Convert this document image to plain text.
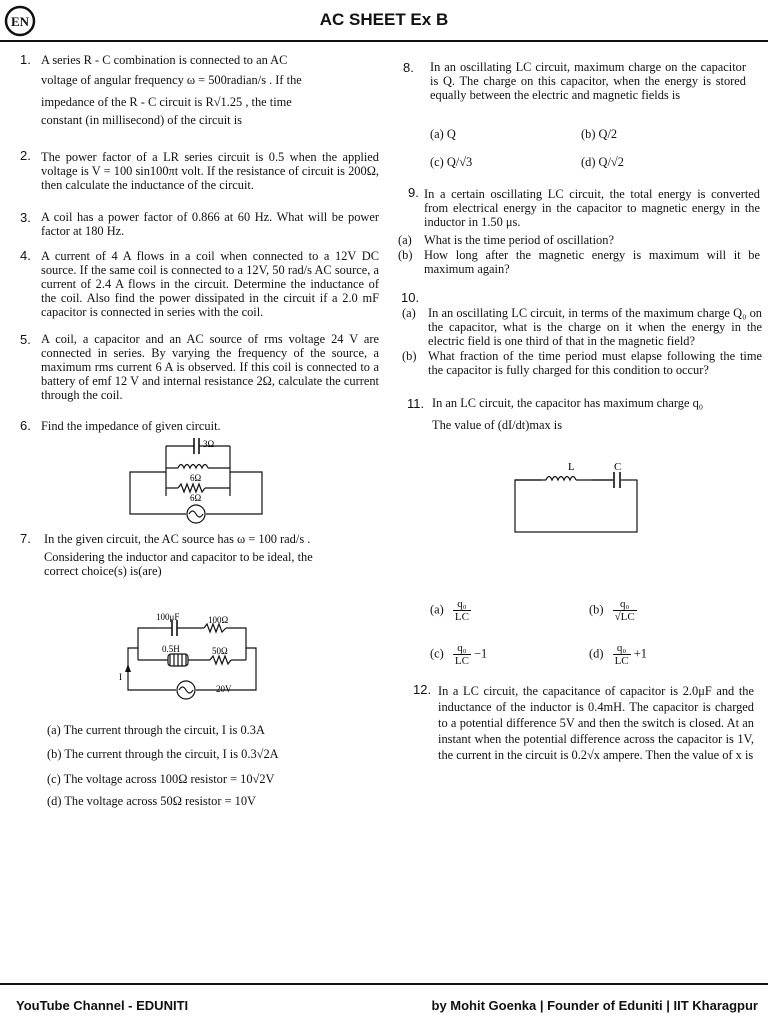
EN	AC SHEET Ex B
1. A series R - C combination is connected to an AC
voltage of angular frequency ω = 500radian/s . If the
impedance of the R - C circuit is R√1.25 , the time
constant (in millisecond) of the circuit is
2. The power factor of a LR series circuit is 0.5 when the applied voltage is V = 100 sin100πt volt. If the resistance of circuit is 200Ω, then calculate the inductance of the circuit.
3. A coil has a power factor of 0.866 at 60 Hz. What will be power factor at 180 Hz.
4. A current of 4 A flows in a coil when connected to a 12V DC source. If the same coil is connected to a 12V, 50 rad/s AC source, a current of 2.4 A flows in the circuit. Determine the inductance of the coil. Also find the power dissipated in the circuit if a 2.0 mF capacitor is connected in series with the coil.
5. A coil, a capacitor and an AC source of rms voltage 24 V are connected in series. By varying the frequency of the source, a maximum rms current 6 A is observed. If this coil is connected to a battery of emf 12 V and internal resistance 2Ω, calculate the current through the coil.
6. Find the impedance of given circuit.
3Ω
6Ω
6Ω
7. In the given circuit, the AC source has ω = 100 rad/s .
Considering the inductor and capacitor to be ideal, the
correct choice(s) is(are)
100μF	100Ω
0.5H	50Ω
20V
I
(a) The current through the circuit, I is 0.3A
(b) The current through the circuit, I is 0.3√2A
(c) The voltage across 100Ω resistor = 10√2V
(d) The voltage across 50Ω resistor = 10V
8. In an oscillating LC circuit, maximum charge on the capacitor is Q. The charge on this capacitor, when the energy is stored equally between the electric and magnetic fields is
(a) Q	(b) Q/2
(c) Q/√3	(d) Q/√2
9. In a certain oscillating LC circuit, the total energy is converted from electrical energy in the capacitor to magnetic energy in the inductor in 1.50 μs.
(a) What is the time period of oscillation?
(b) How long after the magnetic energy is maximum will it be maximum again?
10.
(a) In an oscillating LC circuit, in terms of the maximum charge Q₀ on the capacitor, what is the charge on it when the energy in the electric field is one third of that in the magnetic field?
(b) What fraction of the time period must elapse following the time the capacitor is fully charged for this condition to occur?
11. In an LC circuit, the capacitor has maximum charge q₀
The value of (dI/dt)max is
L	C
$(a) \frac{\text{q₀}}{LC}$	$(b) \frac{\text{q₀}}{√LC}$
$(c) \frac{\text{q₀}}{LC} -1$	$(d) \frac{\text{q₀}}{LC} +1$
12. In a LC circuit, the capacitance of capacitor is 2.0μF and the inductance of the inductor is 0.4mH. The capacitor is charged to a potential difference 5V and then the switch is closed. At an instant when the potential difference across the capacitor is 1V, the current in the circuit is 0.2√x ampere. Then the value of x is
YouTube Channel - EDUNITI	by Mohit Goenka | Founder of Eduniti | IIT Kharagpur
